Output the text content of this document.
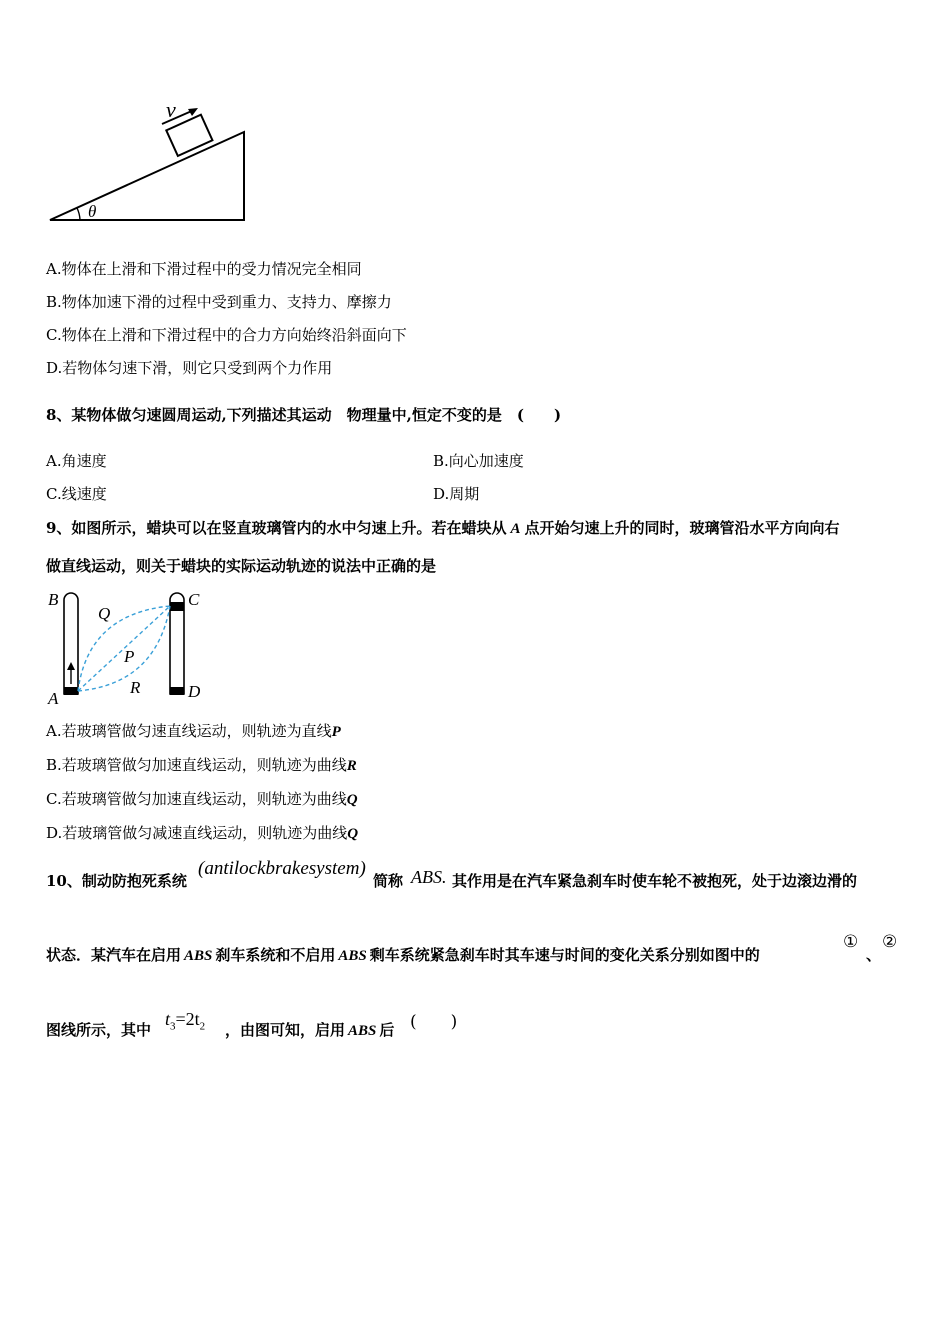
v
θ
A.物体在上滑和下滑过程中的受力情况完全相同
B.物体加速下滑的过程中受到重力、支持力、摩擦力
C.物体在上滑和下滑过程中的合力方向始终沿斜面向下
D.若物体匀速下滑，则它只受到两个力作用
8、某物体做匀速圆周运动,下列描述其运动　物理量中,恒定不变的是　(　　)
A.角速度	B.向心加速度
C.线速度	D.周期
9、如图所示，蜡块可以在竖直玻璃管内的水中匀速上升。若在蜡块从 A 点开始匀速上升的同时，玻璃管沿水平方向向右
做直线运动，则关于蜡块的实际运动轨迹的说法中正确的是
B
Q
C
P
R
A	D
A.若玻璃管做匀速直线运动，则轨迹为直线P
B.若玻璃管做匀加速直线运动，则轨迹为曲线R
C.若玻璃管做匀加速直线运动，则轨迹为曲线Q
D.若玻璃管做匀减速直线运动，则轨迹为曲线Q
10、制动防抱死系统
(antilockbrakesystem)
简称 ABS. 其作用是在汽车紧急刹车时使车轮不被抱死，处于边滚边滑的
状态．某汽车在启用 ABS 刹车系统和不启用 ABS 剩车系统紧急刹车时其车速与时间的变化关系分别如图中的
①
、
②
图线所示，其中
$t_3=2t_2$ ，由图可知，启用 ABS 后 (　　)
